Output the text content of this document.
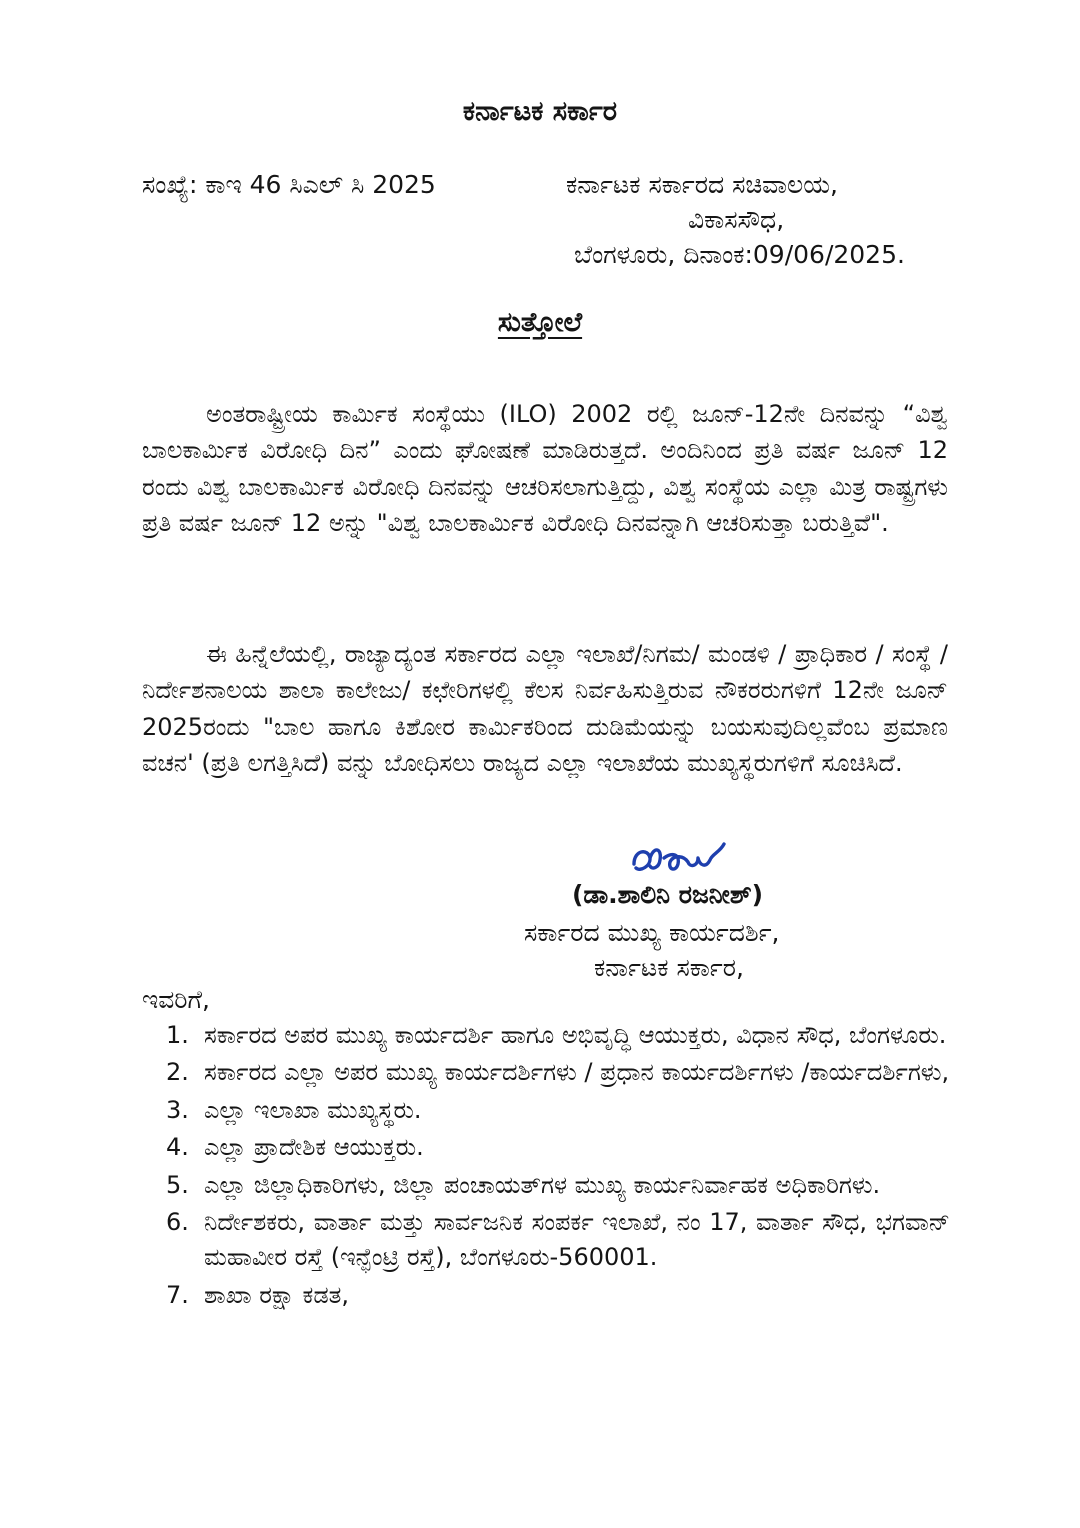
ಕರ್ನಾಟಕ ಸರ್ಕಾರ
ಸಂಖ್ಯೆ: ಕಾಇ 46 ಸಿಎಲ್ ಸಿ 2025	ಕರ್ನಾಟಕ ಸರ್ಕಾರದ ಸಚಿವಾಲಯ,
ವಿಕಾಸಸೌಧ,
ಬೆಂಗಳೂರು, ದಿನಾಂಕ:09/06/2025.
ಸುತ್ತೋಲೆ

ಅಂತರಾಷ್ಟ್ರೀಯ ಕಾರ್ಮಿಕ ಸಂಸ್ಥೆಯು (ILO) 2002 ರಲ್ಲಿ ಜೂನ್-12ನೇ ದಿನವನ್ನು “ವಿಶ್ವ ಬಾಲಕಾರ್ಮಿಕ ವಿರೋಧಿ ದಿನ” ಎಂದು ಘೋಷಣೆ ಮಾಡಿರುತ್ತದೆ. ಅಂದಿನಿಂದ ಪ್ರತಿ ವರ್ಷ ಜೂನ್ 12 ರಂದು ವಿಶ್ವ ಬಾಲಕಾರ್ಮಿಕ ವಿರೋಧಿ ದಿನವನ್ನು ಆಚರಿಸಲಾಗುತ್ತಿದ್ದು, ವಿಶ್ವ ಸಂಸ್ಥೆಯ ಎಲ್ಲಾ ಮಿತ್ರ ರಾಷ್ಟ್ರಗಳು ಪ್ರತಿ ವರ್ಷ ಜೂನ್ 12 ಅನ್ನು "ವಿಶ್ವ ಬಾಲಕಾರ್ಮಿಕ ವಿರೋಧಿ ದಿನವನ್ನಾಗಿ ಆಚರಿಸುತ್ತಾ ಬರುತ್ತಿವೆ".

ಈ ಹಿನ್ನೆಲೆಯಲ್ಲಿ, ರಾಜ್ಯಾದ್ಯಂತ ಸರ್ಕಾರದ ಎಲ್ಲಾ ಇಲಾಖೆ/ನಿಗಮ/ ಮಂಡಳಿ / ಪ್ರಾಧಿಕಾರ / ಸಂಸ್ಥೆ / ನಿರ್ದೇಶನಾಲಯ ಶಾಲಾ ಕಾಲೇಜು/ ಕಛೇರಿಗಳಲ್ಲಿ ಕೆಲಸ ನಿರ್ವಹಿಸುತ್ತಿರುವ ನೌಕರರುಗಳಿಗೆ 12ನೇ ಜೂನ್ 2025ರಂದು "ಬಾಲ ಹಾಗೂ ಕಿಶೋರ ಕಾರ್ಮಿಕರಿಂದ ದುಡಿಮೆಯನ್ನು ಬಯಸುವುದಿಲ್ಲವೆಂಬ ಪ್ರಮಾಣ ವಚನ' (ಪ್ರತಿ ಲಗತ್ತಿಸಿದೆ) ವನ್ನು ಬೋಧಿಸಲು ರಾಜ್ಯದ ಎಲ್ಲಾ ಇಲಾಖೆಯ ಮುಖ್ಯಸ್ಥರುಗಳಿಗೆ ಸೂಚಿಸಿದೆ.

(ಡಾ.ಶಾಲಿನಿ ರಜನೀಶ್)
ಸರ್ಕಾರದ ಮುಖ್ಯ ಕಾರ್ಯದರ್ಶಿ,
ಕರ್ನಾಟಕ ಸರ್ಕಾರ,
ಇವರಿಗೆ,
1. ಸರ್ಕಾರದ ಅಪರ ಮುಖ್ಯ ಕಾರ್ಯದರ್ಶಿ ಹಾಗೂ ಅಭಿವೃದ್ಧಿ ಆಯುಕ್ತರು, ವಿಧಾನ ಸೌಧ, ಬೆಂಗಳೂರು.
2. ಸರ್ಕಾರದ ಎಲ್ಲಾ ಅಪರ ಮುಖ್ಯ ಕಾರ್ಯದರ್ಶಿಗಳು / ಪ್ರಧಾನ ಕಾರ್ಯದರ್ಶಿಗಳು /ಕಾರ್ಯದರ್ಶಿಗಳು,
3. ಎಲ್ಲಾ ಇಲಾಖಾ ಮುಖ್ಯಸ್ಥರು.
4. ಎಲ್ಲಾ ಪ್ರಾದೇಶಿಕ ಆಯುಕ್ತರು.
5. ಎಲ್ಲಾ ಜಿಲ್ಲಾಧಿಕಾರಿಗಳು, ಜಿಲ್ಲಾ ಪಂಚಾಯತ್‌ಗಳ ಮುಖ್ಯ ಕಾರ್ಯನಿರ್ವಾಹಕ ಅಧಿಕಾರಿಗಳು.
6. ನಿರ್ದೇಶಕರು, ವಾರ್ತಾ ಮತ್ತು ಸಾರ್ವಜನಿಕ ಸಂಪರ್ಕ ಇಲಾಖೆ, ನಂ 17, ವಾರ್ತಾ ಸೌಧ, ಭಗವಾನ್ ಮಹಾವೀರ ರಸ್ತೆ (ಇನ್ಫೆಂಟ್ರಿ ರಸ್ತೆ), ಬೆಂಗಳೂರು-560001.
7. ಶಾಖಾ ರಕ್ಷಾ ಕಡತ,
